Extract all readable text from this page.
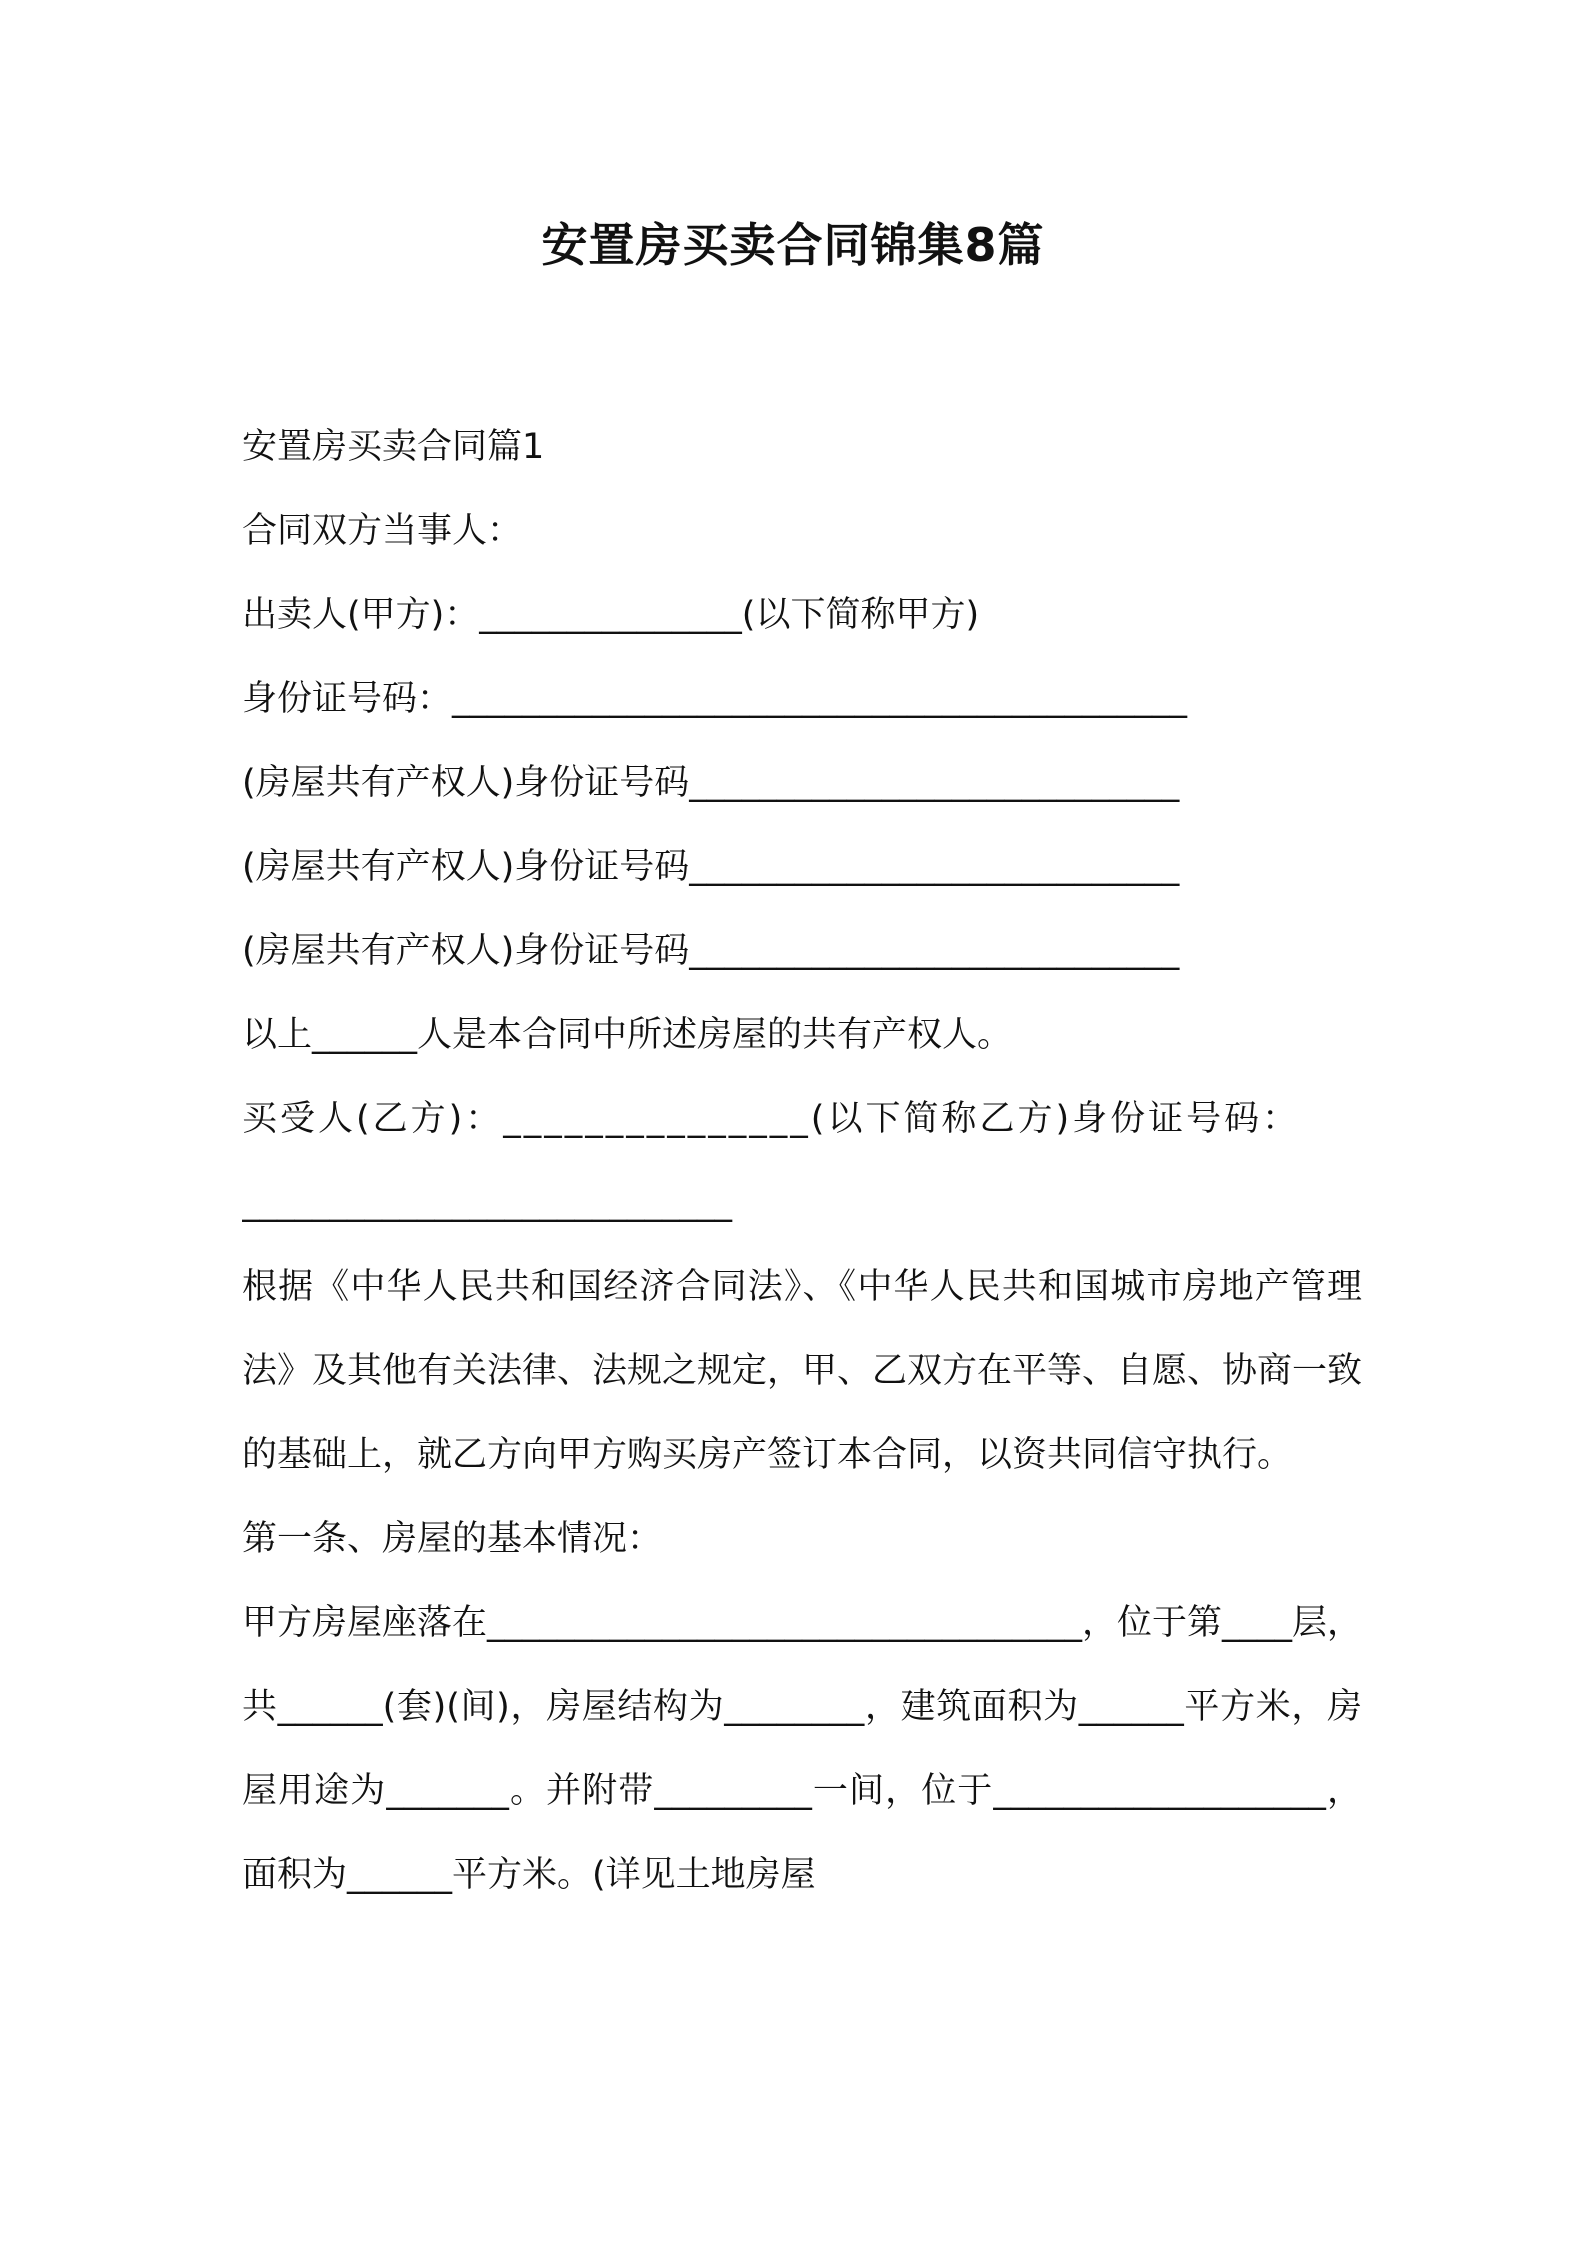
安置房买卖合同锦集8篇
安置房买卖合同篇1
合同双方当事人：
出卖人(甲方)：_______________(以下简称甲方)
身份证号码：__________________________________________
(房屋共有产权人)身份证号码____________________________
(房屋共有产权人)身份证号码____________________________
(房屋共有产权人)身份证号码____________________________
以上______人是本合同中所述房屋的共有产权人。
买受人(乙方)：_______________(以下简称乙方)身份证号码：
____________________________
根据《中华人民共和国经济合同法》、《中华人民共和国城市房地产管理法》及其他有关法律、法规之规定，甲、乙双方在平等、自愿、协商一致的基础上，就乙方向甲方购买房产签订本合同，以资共同信守执行。
第一条、房屋的基本情况：
甲方房屋座落在__________________________________，位于第____层，共______(套)(间)，房屋结构为________，建筑面积为______平方米，房屋用途为_______。并附带_________一间，位于___________________，面积为______平方米。(详见土地房屋
